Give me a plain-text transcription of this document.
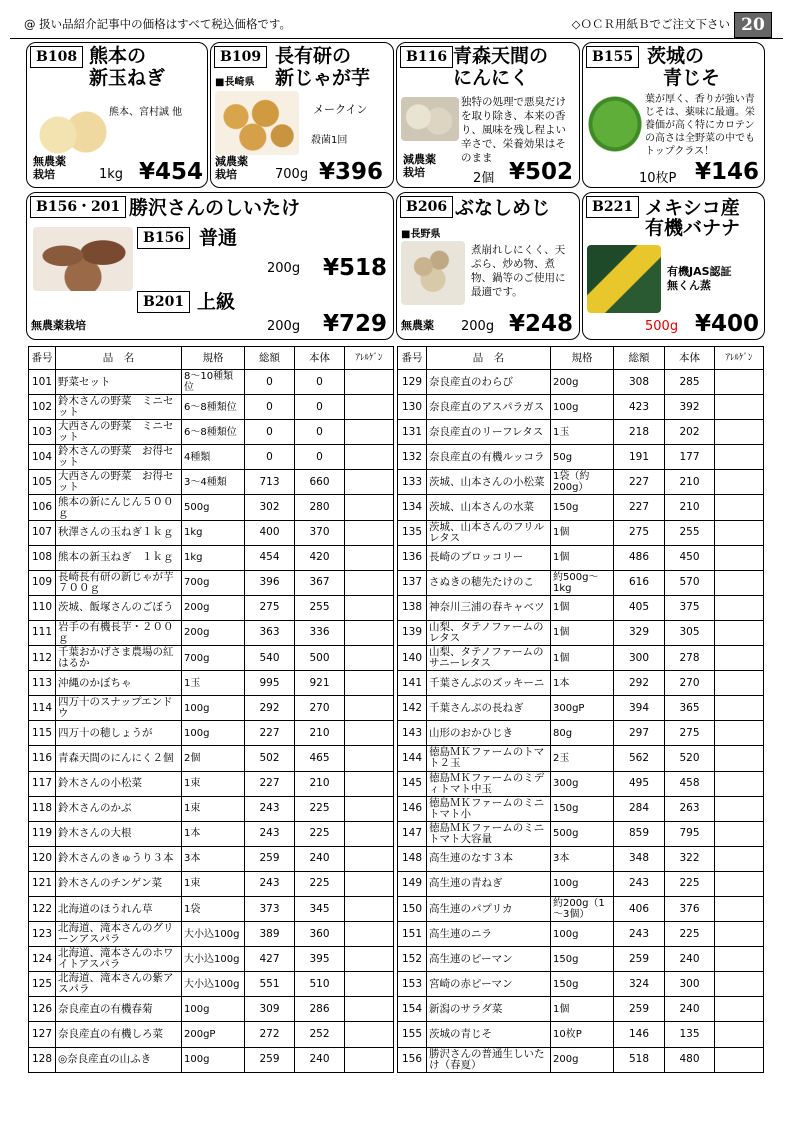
@ 扱い品紹介記事中の価格はすべて税込価格です。	◇ＯＣＲ用紙Ｂでご注文下さい 20
B108 熊本の
新玉ねぎ
熊本、宮村誠 他
無農薬
栽培	1kg ¥454
B109 長有研の
■長崎県 新じゃが芋
メークイン
殺菌1回
減農薬
栽培	700g ¥396
B116 青森天間の
にんにく
独特の処理で悪臭だけを取り除き、本来の香り、風味を残し程よい辛さで、栄養効果はそのまま
減農薬
栽培	2個 ¥502
B155 茨城の
青じそ
葉が厚く、香りが強い青じそは、薬味に最適。栄養価が高く特にカロテンの高さは全野菜の中でもトップクラス！
10枚P ¥146
B156・201 勝沢さんのしいたけ
B156 普通
200g ¥518
B201 上級
無農薬栽培	200g ¥729
B206 ぶなしめじ
■長野県
煮崩れしにくく、天ぷら、炒め物、煮物、鍋等のご使用に最適です。
無農薬 200g ¥248
B221 メキシコ産
有機バナナ
有機JAS認証
無くん蒸
500g ¥400
番号	品　名	規格	総額	本体	ｱﾚﾙｹﾞﾝ
101	野菜セット	8～10種類位	0	0	
102	鈴木さんの野菜　ミニセット	6～8種類位	0	0	
103	大西さんの野菜　ミニセット	6～8種類位	0	0	
104	鈴木さんの野菜　お得セット	4種類	0	0	
105	大西さんの野菜　お得セット	3～4種類	713	660	
106	熊本の新にんじん５００ｇ	500g	302	280	
107	秋澤さんの玉ねぎ１ｋｇ	1kg	400	370	
108	熊本の新玉ねぎ　１ｋｇ	1kg	454	420	
109	長崎長有研の新じゃが芋７００ｇ	700g	396	367	
110	茨城、飯塚さんのごぼう	200g	275	255	
111	岩手の有機長芋・２００ｇ	200g	363	336	
112	千葉おかげさま農場の紅はるか	700g	540	500	
113	沖縄のかぼちゃ	1玉	995	921	
114	四万十のスナップエンドウ	100g	292	270	
115	四万十の穂しょうが	100g	227	210	
116	青森天間のにんにく２個	2個	502	465	
117	鈴木さんの小松菜	1束	227	210	
118	鈴木さんのかぶ	1束	243	225	
119	鈴木さんの大根	1本	243	225	
120	鈴木さんのきゅうり３本	3本	259	240	
121	鈴木さんのチンゲン菜	1束	243	225	
122	北海道のほうれん草	1袋	373	345	
123	北海道、滝本さんのグリーンアスパラ	大小込100g	389	360	
124	北海道、滝本さんのホワイトアスパラ	大小込100g	427	395	
125	北海道、滝本さんの紫アスパラ	大小込100g	551	510	
126	奈良産直の有機春菊	100g	309	286	
127	奈良産直の有機しろ菜	200gP	272	252	
128	◎奈良産直の山ふき	100g	259	240	
番号	品　名	規格	総額	本体	ｱﾚﾙｹﾞﾝ
129	奈良産直のわらび	200g	308	285	
130	奈良産直のアスパラガス	100g	423	392	
131	奈良産直のリーフレタス	1玉	218	202	
132	奈良産直の有機ルッコラ	50g	191	177	
133	茨城、山本さんの小松菜	1袋（約200g）	227	210	
134	茨城、山本さんの水菜	150g	227	210	
135	茨城、山本さんのフリルレタス	1個	275	255	
136	長崎のブロッコリー	1個	486	450	
137	さぬきの穂先たけのこ	約500g～1kg	616	570	
138	神奈川三浦の春キャベツ	1個	405	375	
139	山梨、タテノファームのレタス	1個	329	305	
140	山梨、タテノファームのサニーレタス	1個	300	278	
141	千葉さんぶのズッキーニ	1本	292	270	
142	千葉さんぶの長ねぎ	300gP	394	365	
143	山形のおかひじき	80g	297	275	
144	徳島ＭＫファームのトマト２玉	2玉	562	520	
145	徳島ＭＫファームのミディトマト中玉	300g	495	458	
146	徳島ＭＫファームのミニトマト小	150g	284	263	
147	徳島ＭＫファームのミニトマト大容量	500g	859	795	
148	高生連のなす３本	3本	348	322	
149	高生連の青ねぎ	100g	243	225	
150	高生連のパプリカ	約200g（1～3個）	406	376	
151	高生連のニラ	100g	243	225	
152	高生連のピーマン	150g	259	240	
153	宮崎の赤ピーマン	150g	324	300	
154	新潟のサラダ菜	1個	259	240	
155	茨城の青じそ	10枚P	146	135	
156	勝沢さんの普通生しいたけ（春夏）	200g	518	480	
